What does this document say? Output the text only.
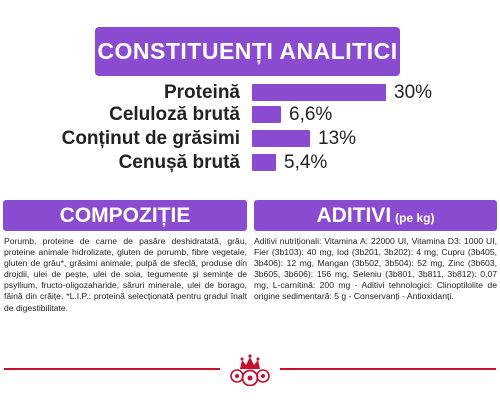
CONSTITUENȚI ANALITICI
Proteină	30%
Celuloză brută	6,6%
Conținut de grăsimi	13%
Cenușă brută 5,4%
COMPOZIȚIE
Porumb, proteine de carne de pasăre deshidratată, grâu, proteine animale hidrolizate, gluten de porumb, fibre vegetale, gluten de grâu*, grăsimi animale, pulpă de sfeclă, produse din drojdii, ulei de pește, ulei de soia, tegumente și semințe de psyllium, fructo-oligozaharide, săruri minerale, ulei de borago, făină din crăițe. *L.I.P.: proteină selecționată pentru gradul înalt de digestibilitate.
ADITIVI (pe kg)
Aditivi nutriționali: Vitamina A: 22000 UI, Vitamina D3: 1000 UI, Fier (3b103): 40 mg, Iod (3b201, 3b202): 4 mg, Cupru (3b405, 3b406): 12 mg, Mangan (3b502, 3b504): 52 mg, Zinc (3b603, 3b605, 3b606): 156 mg, Seleniu (3b801, 3b811, 3b812): 0,07 mg, L-carnitină: 200 mg - Aditivi tehnologici: Clinoptilolite de origine sedimentară: 5 g - Conservanți - Antioxidanți.
